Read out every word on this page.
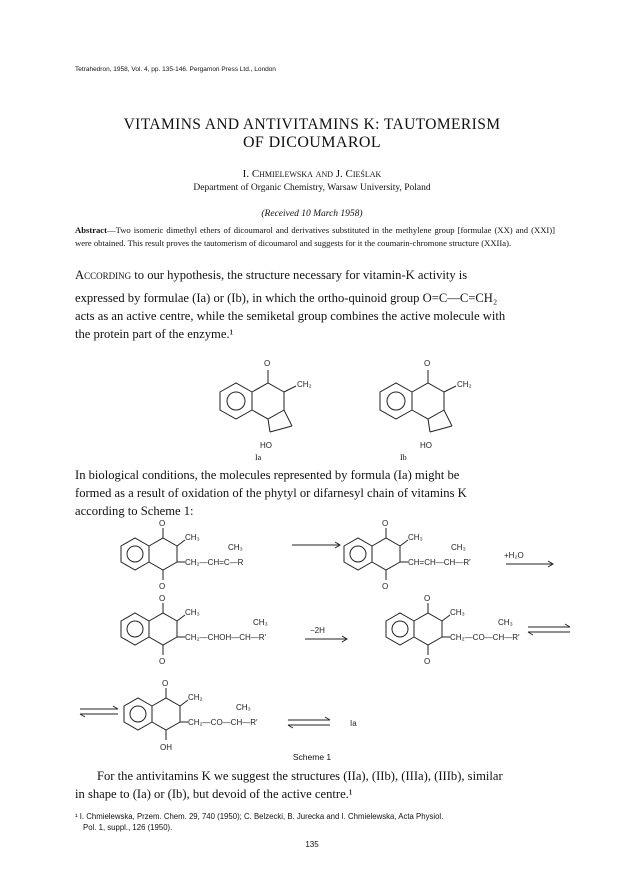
Tetrahedron, 1958, Vol. 4, pp. 135-146. Pergamon Press Ltd., London
VITAMINS AND ANTIVITAMINS K: TAUTOMERISM
OF DICOUMAROL
I. Chmielewska and J. Cieślak
Department of Organic Chemistry, Warsaw University, Poland
(Received 10 March 1958)
Abstract—Two isomeric dimethyl ethers of dicoumarol and derivatives substituted in the methylene group [formulae (XX) and (XXI)] were obtained. This result proves the tautomerism of dicoumarol and suggests for it the coumarin-chromone structure (XXIIa).
According to our hypothesis, the structure necessary for vitamin-K activity is
expressed by formulae (Ia) or (Ib), in which the ortho-quinoid group O=C—C=CH₂
acts as an active centre, while the semiketal group combines the active molecule with
the protein part of the enzyme.¹
O
CH₂
HO
Ia
O
CH₂
HO
Ib
In biological conditions, the molecules represented by formula (Ia) might be
formed as a result of oxidation of the phytyl or difarnesyl chain of vitamins K
according to Scheme 1:
O
O
CH₃
CH₃
CH₂—CH=C—R
O
O
CH₃
CH₃
CH=CH—CH—R′
+H₂O
O
O
CH₃
CH₃
CH₂—CHOH—CH—R′
−2H
O
O
CH₃
CH₃
CH₂—CO—CH—R′
O
OH
CH₂
CH₃
CH₂—CO—CH—R′	Ia
Scheme 1
For the antivitamins K we suggest the structures (IIa), (IIb), (IIIa), (IIIb), similar
in shape to (Ia) or (Ib), but devoid of the active centre.¹
¹ I. Chmielewska, Przem. Chem. 29, 740 (1950); C. Belzecki, B. Jurecka and I. Chmielewska, Acta Physiol.
Pol. 1, suppl., 126 (1950).
135
